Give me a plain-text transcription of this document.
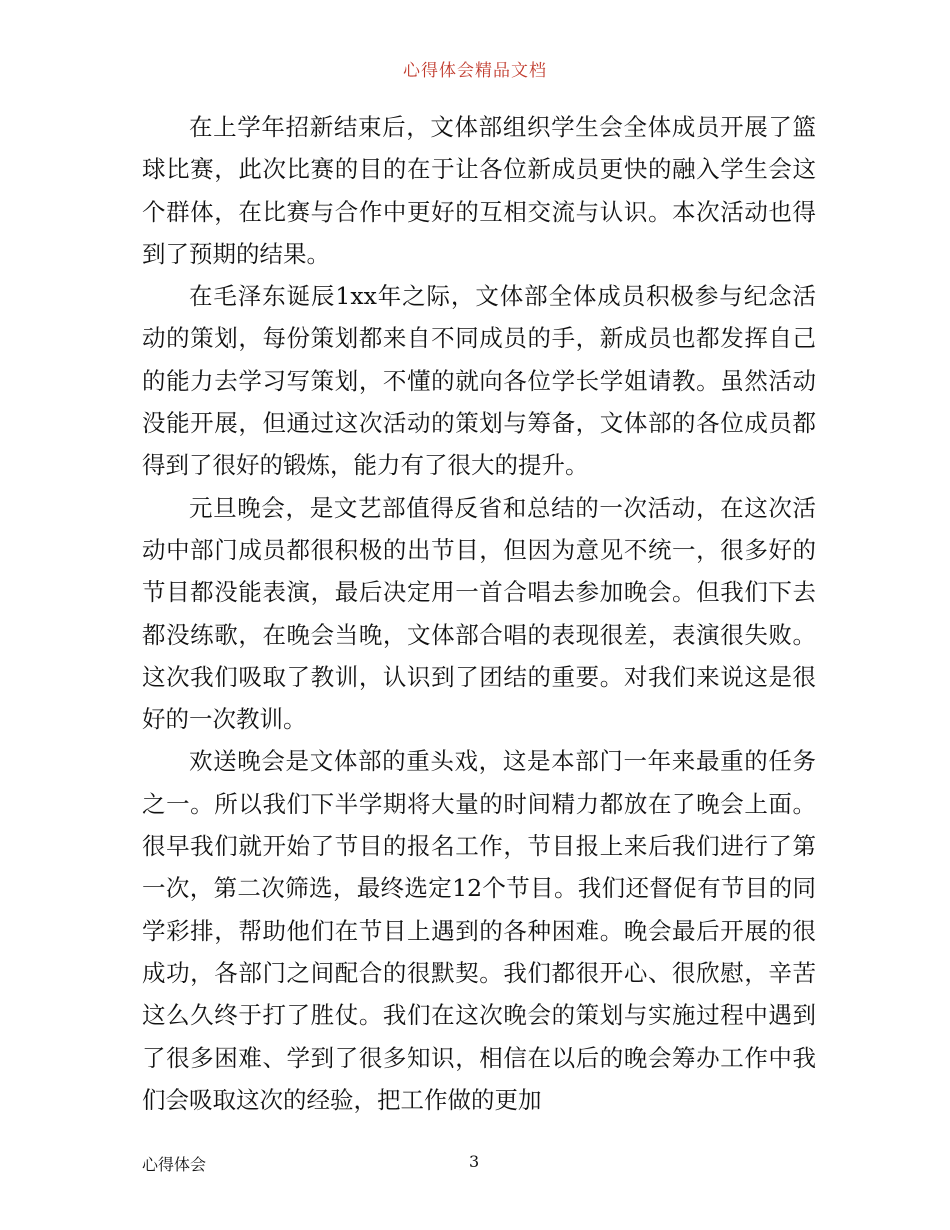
心得体会精品文档

在上学年招新结束后，文体部组织学生会全体成员开展了篮球比赛，此次比赛的目的在于让各位新成员更快的融入学生会这个群体，在比赛与合作中更好的互相交流与认识。本次活动也得到了预期的结果。

在毛泽东诞辰1xx年之际，文体部全体成员积极参与纪念活动的策划，每份策划都来自不同成员的手，新成员也都发挥自己的能力去学习写策划，不懂的就向各位学长学姐请教。虽然活动没能开展，但通过这次活动的策划与筹备，文体部的各位成员都得到了很好的锻炼，能力有了很大的提升。

元旦晚会，是文艺部值得反省和总结的一次活动，在这次活动中部门成员都很积极的出节目，但因为意见不统一，很多好的节目都没能表演，最后决定用一首合唱去参加晚会。但我们下去都没练歌，在晚会当晚，文体部合唱的表现很差，表演很失败。这次我们吸取了教训，认识到了团结的重要。对我们来说这是很好的一次教训。

欢送晚会是文体部的重头戏，这是本部门一年来最重的任务之一。所以我们下半学期将大量的时间精力都放在了晚会上面。很早我们就开始了节目的报名工作，节目报上来后我们进行了第一次，第二次筛选，最终选定12个节目。我们还督促有节目的同学彩排，帮助他们在节目上遇到的各种困难。晚会最后开展的很成功，各部门之间配合的很默契。我们都很开心、很欣慰，辛苦这么久终于打了胜仗。我们在这次晚会的策划与实施过程中遇到了很多困难、学到了很多知识，相信在以后的晚会筹办工作中我们会吸取这次的经验，把工作做的更加

心得体会	3
